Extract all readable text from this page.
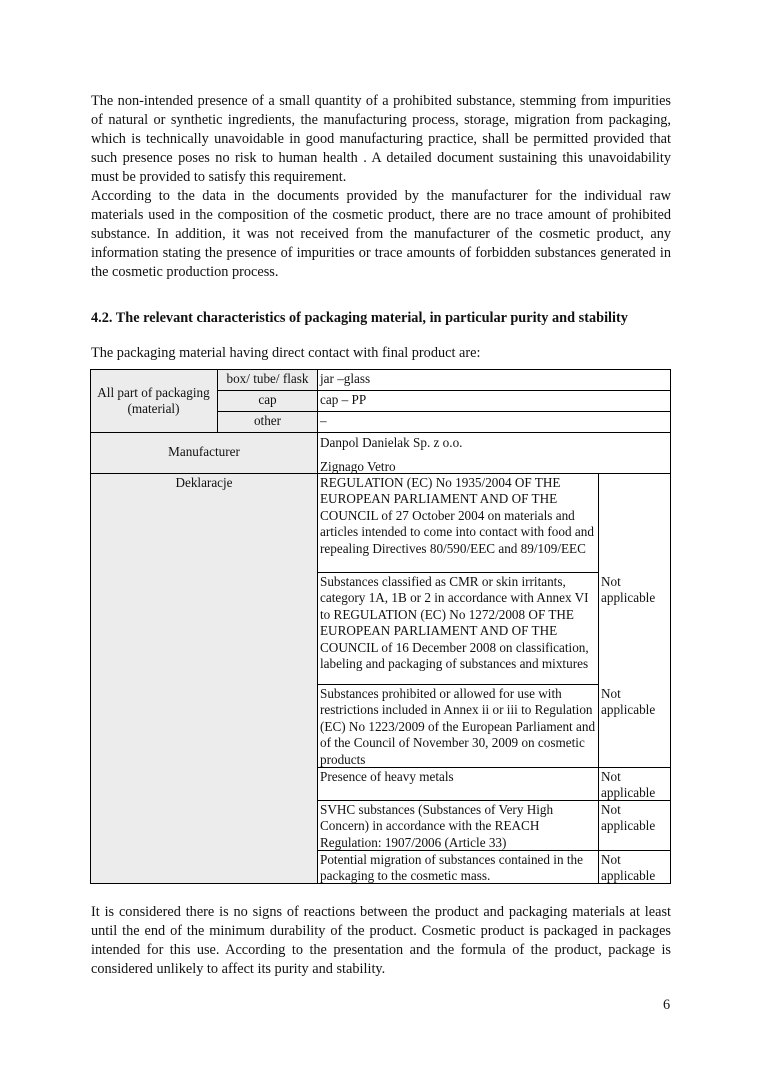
The non-intended presence of a small quantity of a prohibited substance, stemming from impurities of natural or synthetic ingredients, the manufacturing process, storage, migration from packaging, which is technically unavoidable in good manufacturing practice, shall be permitted provided that such presence poses no risk to human health . A detailed document sustaining this unavoidability must be provided to satisfy this requirement.

According to the data in the documents provided by the manufacturer for the individual raw materials used in the composition of the cosmetic product, there are no trace amount of prohibited substance. In addition, it was not received from the manufacturer of the cosmetic product, any information stating the presence of impurities or trace amounts of forbidden substances generated in the cosmetic production process.

4.2. The relevant characteristics of packaging material, in particular purity and stability

The packaging material having direct contact with final product are:

All part of packaging (material)
box/ tube/ flask
cap
other
jar –glass
cap – PP
–
Manufacturer
Danpol Danielak Sp. z o.o.
Zignago Vetro
Deklaracje	REGULATION (EC) No 1935/2004 OF THE EUROPEAN PARLIAMENT AND OF THE COUNCIL of 27 October 2004 on materials and articles intended to come into contact with food and repealing Directives 80/590/EEC and 89/109/EEC
Substances classified as CMR or skin irritants, category 1A, 1B or 2 in accordance with Annex VI to REGULATION (EC) No 1272/2008 OF THE EUROPEAN PARLIAMENT AND OF THE COUNCIL of 16 December 2008 on classification, labeling and packaging of substances and mixtures
Not applicable
Substances prohibited or allowed for use with restrictions included in Annex ii or iii to Regulation (EC) No 1223/2009 of the European Parliament and of the Council of November 30, 2009 on cosmetic products
Not applicable
Presence of heavy metals	Not applicable
SVHC substances (Substances of Very High Concern) in accordance with the REACH Regulation: 1907/2006 (Article 33)
Not applicable
Potential migration of substances contained in the packaging to the cosmetic mass.
Not applicable

It is considered there is no signs of reactions between the product and packaging materials at least until the end of the minimum durability of the product. Cosmetic product is packaged in packages intended for this use. According to the presentation and the formula of the product, package is considered unlikely to affect its purity and stability.

6
